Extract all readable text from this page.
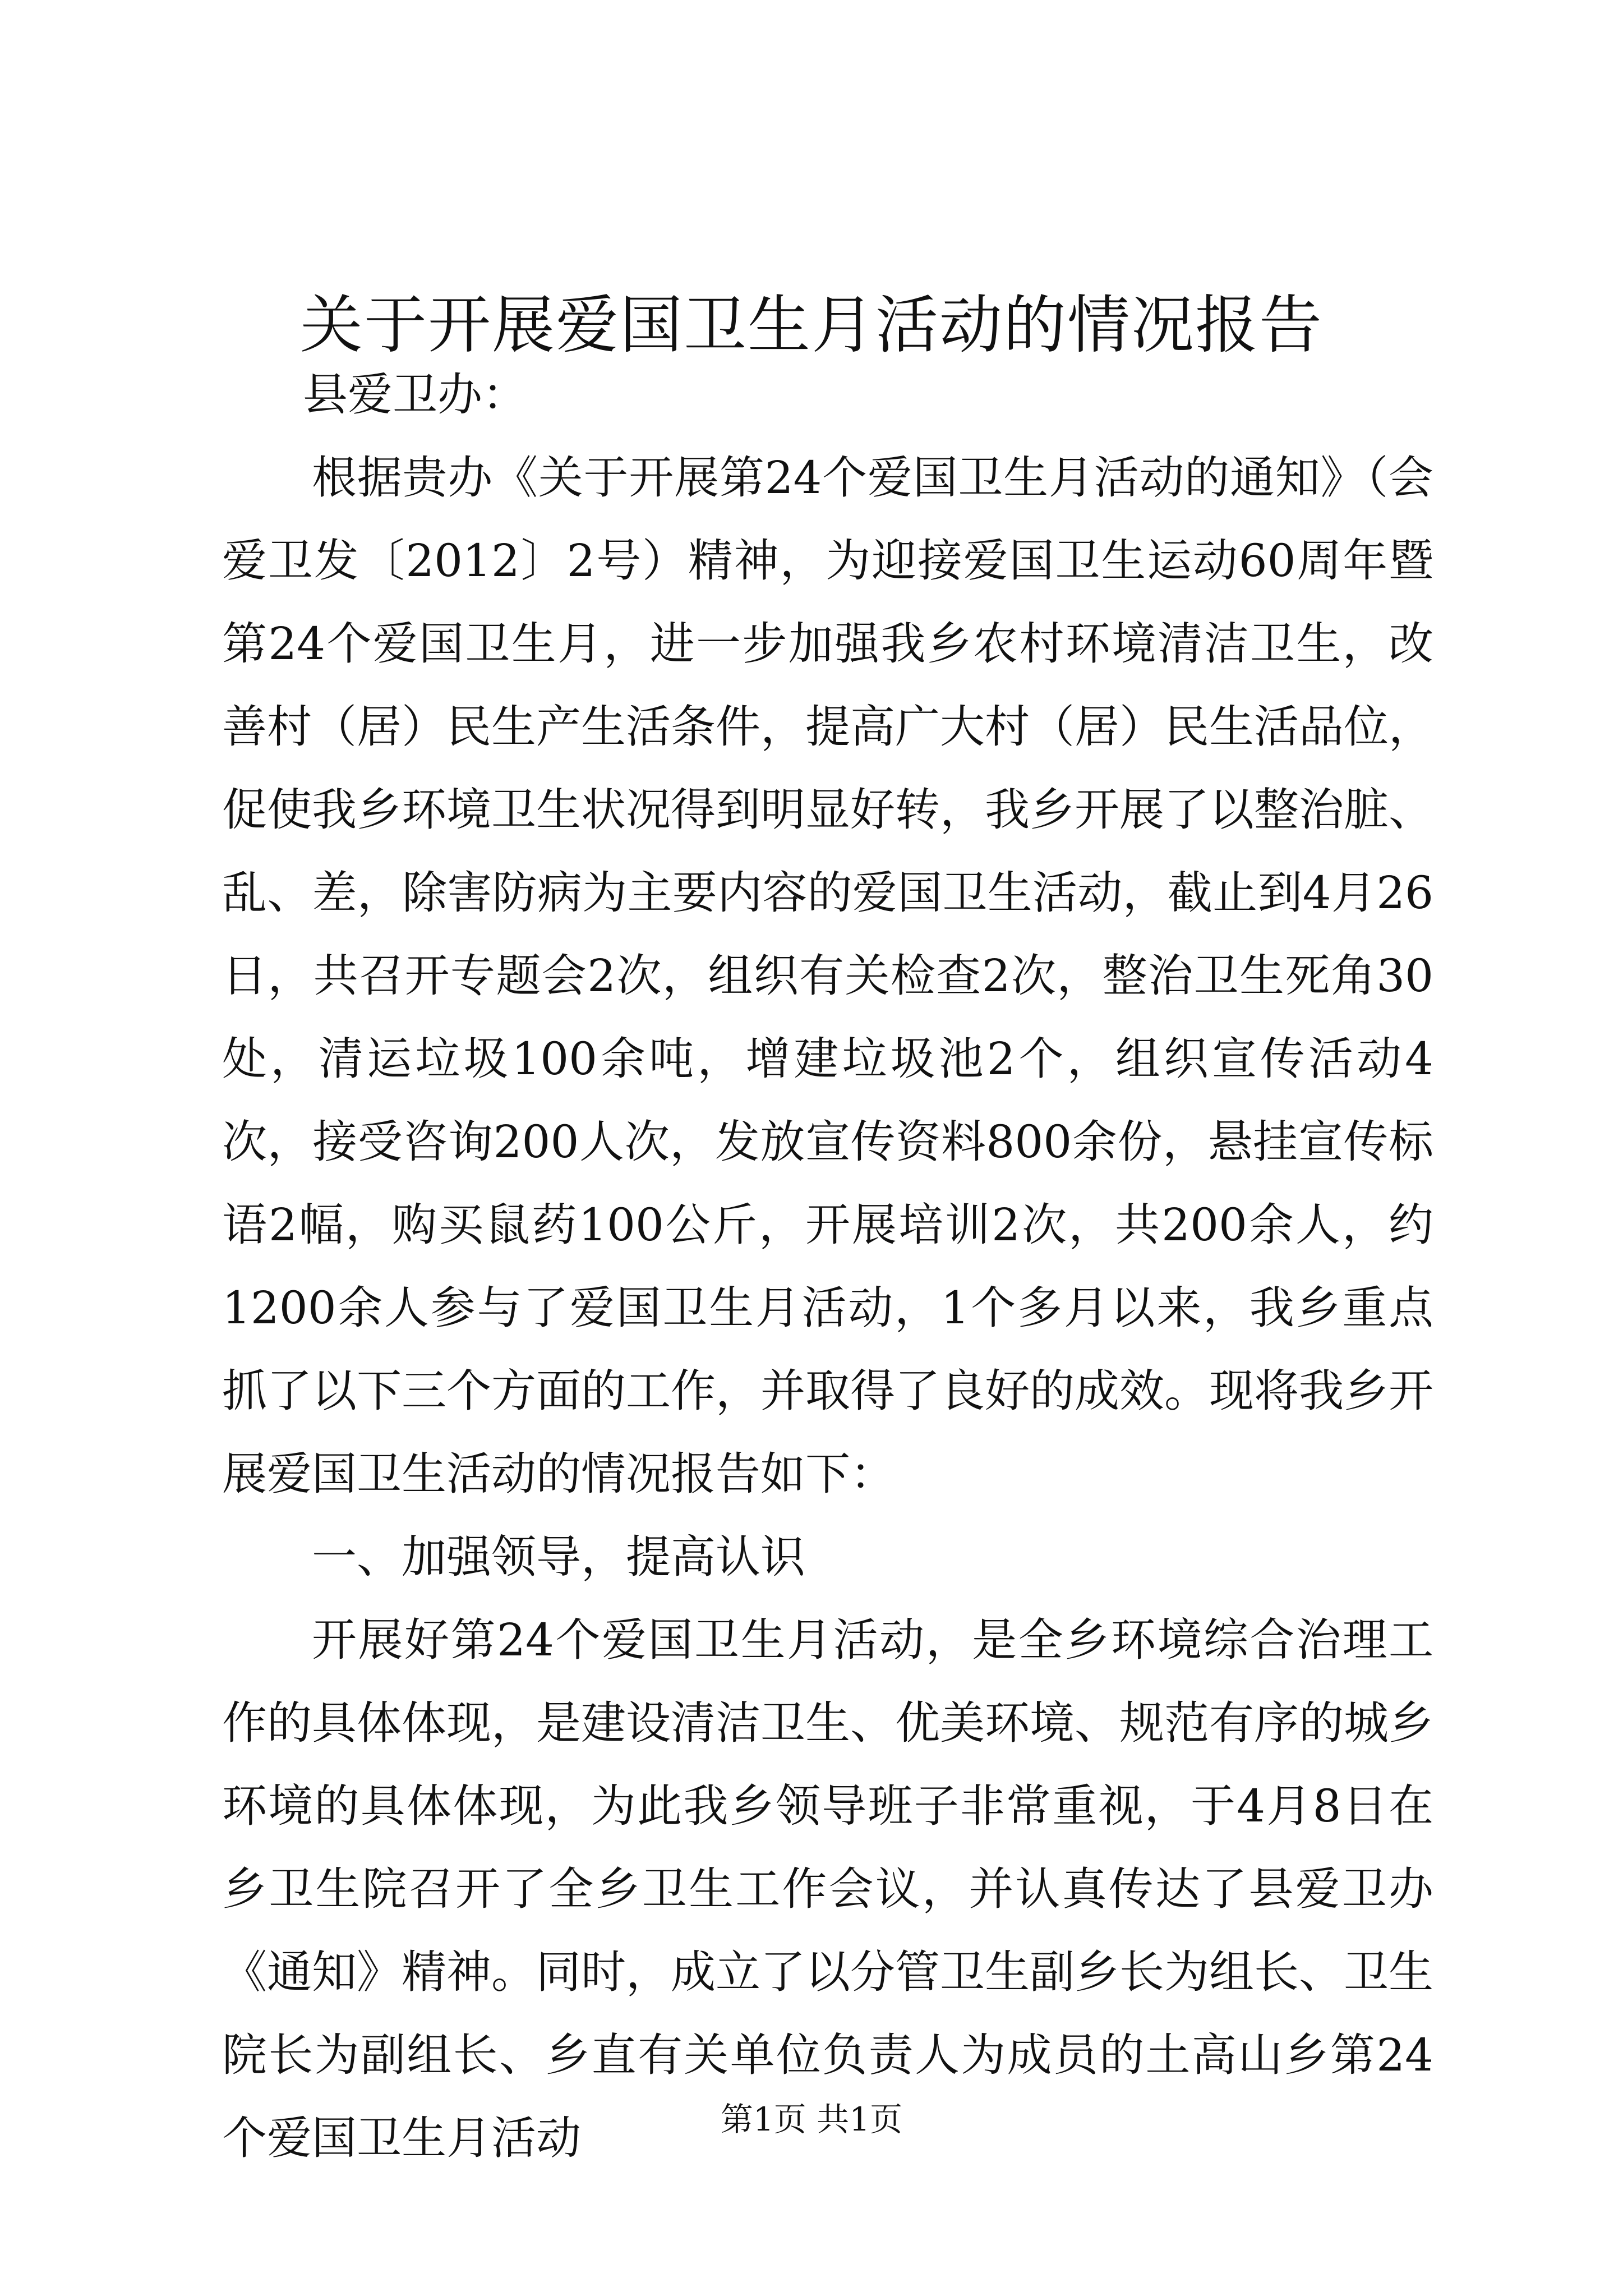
关于开展爱国卫生月活动的情况报告
县爱卫办：

根据贵办《关于开展第24个爱国卫生月活动的通知》（会爱卫发〔2012〕2号）精神，为迎接爱国卫生运动60周年暨第24个爱国卫生月，进一步加强我乡农村环境清洁卫生，改善村（居）民生产生活条件，提高广大村（居）民生活品位，促使我乡环境卫生状况得到明显好转，我乡开展了以整治脏、乱、差，除害防病为主要内容的爱国卫生活动，截止到4月26日，共召开专题会2次，组织有关检查2次，整治卫生死角30处，清运垃圾100余吨，增建垃圾池2个，组织宣传活动4次，接受咨询200人次，发放宣传资料800余份，悬挂宣传标语2幅，购买鼠药100公斤，开展培训2次，共200余人，约1200余人参与了爱国卫生月活动，1个多月以来，我乡重点抓了以下三个方面的工作，并取得了良好的成效。现将我乡开展爱国卫生活动的情况报告如下：

一、加强领导，提高认识

开展好第24个爱国卫生月活动，是全乡环境综合治理工作的具体体现，是建设清洁卫生、优美环境、规范有序的城乡环境的具体体现，为此我乡领导班子非常重视，于4月8日在乡卫生院召开了全乡卫生工作会议，并认真传达了县爱卫办《通知》精神。同时，成立了以分管卫生副乡长为组长、卫生院长为副组长、乡直有关单位负责人为成员的土高山乡第24个爱国卫生月活动	第1页 共1页
